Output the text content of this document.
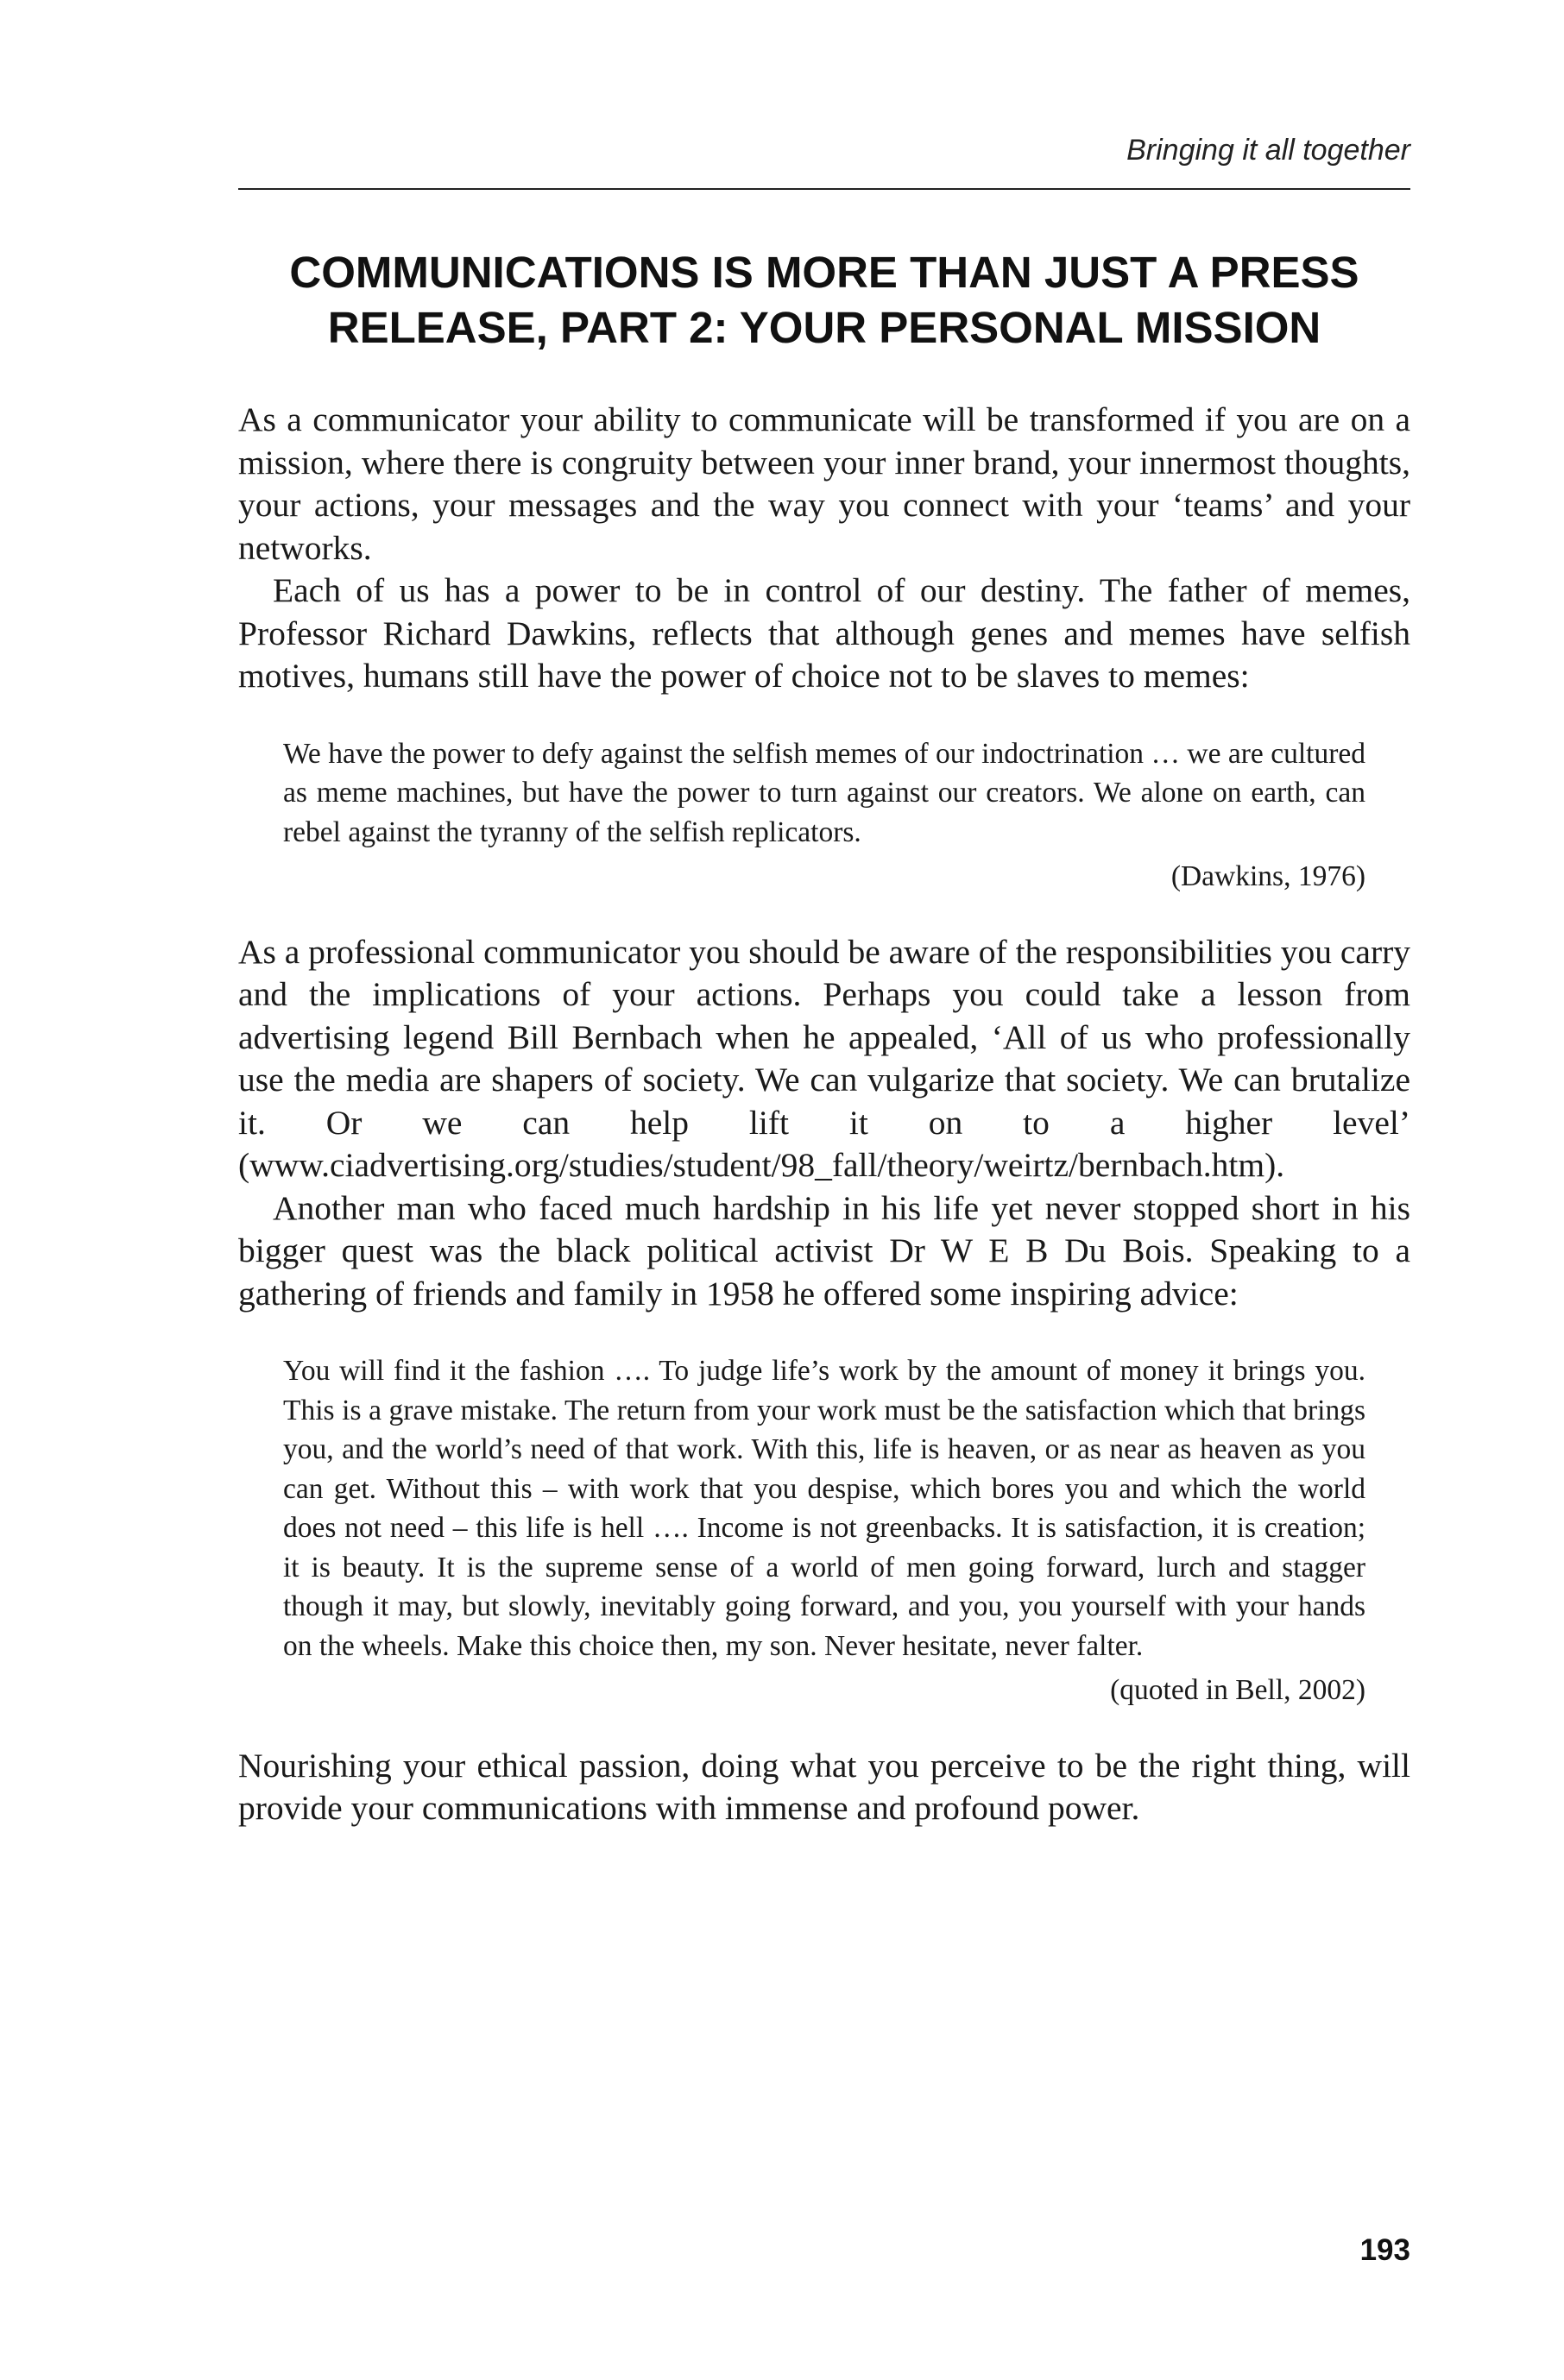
Bringing it all together
COMMUNICATIONS IS MORE THAN JUST A PRESS RELEASE, PART 2: YOUR PERSONAL MISSION

As a communicator your ability to communicate will be transformed if you are on a mission, where there is congruity between your inner brand, your innermost thoughts, your actions, your messages and the way you connect with your ‘teams’ and your networks.

Each of us has a power to be in control of our destiny. The father of memes, Professor Richard Dawkins, reflects that although genes and memes have selfish motives, humans still have the power of choice not to be slaves to memes:

We have the power to defy against the selfish memes of our indoctrination … we are cultured as meme machines, but have the power to turn against our creators. We alone on earth, can rebel against the tyranny of the selfish replicators.

(Dawkins, 1976)

As a professional communicator you should be aware of the responsibilities you carry and the implications of your actions. Perhaps you could take a lesson from advertising legend Bill Bernbach when he appealed, ‘All of us who professionally use the media are shapers of society. We can vulgarize that society. We can brutalize it. Or we can help lift it on to a higher level’ (www.ciadvertising.org/studies/student/98_fall/theory/weirtz/bernbach.htm).

Another man who faced much hardship in his life yet never stopped short in his bigger quest was the black political activist Dr W E B Du Bois. Speaking to a gathering of friends and family in 1958 he offered some inspiring advice:

You will find it the fashion …. To judge life’s work by the amount of money it brings you. This is a grave mistake. The return from your work must be the satisfaction which that brings you, and the world’s need of that work. With this, life is heaven, or as near as heaven as you can get. Without this – with work that you despise, which bores you and which the world does not need – this life is hell …. Income is not greenbacks. It is satisfaction, it is creation; it is beauty. It is the supreme sense of a world of men going forward, lurch and stagger though it may, but slowly, inevitably going forward, and you, you yourself with your hands on the wheels. Make this choice then, my son. Never hesitate, never falter.

(quoted in Bell, 2002)

Nourishing your ethical passion, doing what you perceive to be the right thing, will provide your communications with immense and profound power.

193
